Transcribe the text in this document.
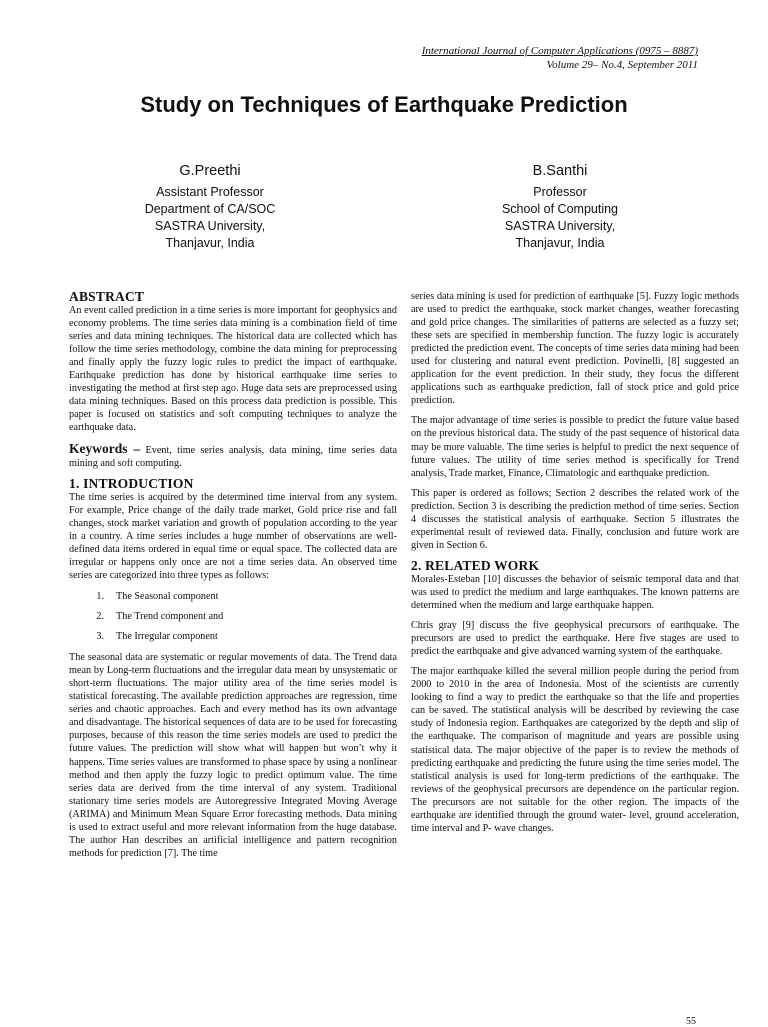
International Journal of Computer Applications (0975 – 8887)
Volume 29– No.4, September 2011
Study on Techniques of Earthquake Prediction
G.Preethi
Assistant Professor
Department of CA/SOC
SASTRA University,
Thanjavur, India
B.Santhi
Professor
School of Computing
SASTRA University,
Thanjavur, India
ABSTRACT

An event called prediction in a time series is more important for geophysics and economy problems. The time series data mining is a combination field of time series and data mining techniques. The historical data are collected which has follow the time series methodology, combine the data mining for preprocessing and finally apply the fuzzy logic rules to predict the impact of earthquake. Earthquake prediction has done by historical earthquake time series to investigating the method at first step ago. Huge data sets are preprocessed using data mining techniques. Based on this process data prediction is possible. This paper is focused on statistics and soft computing techniques to analyze the earthquake data.

Keywords – Event, time series analysis, data mining, time series data mining and soft computing.

1. INTRODUCTION

The time series is acquired by the determined time interval from any system. For example, Price change of the daily trade market, Gold price rise and fall changes, stock market variation and growth of population according to the year in a country. A time series includes a huge number of observations are well-defined data items ordered in equal time or equal space. The collected data are irregular or happens only once are not a time series data. An observed time series are categorized into three types as follows:

1.	The Seasonal component
2.	The Trend component and
3.	The Irregular component

The seasonal data are systematic or regular movements of data. The Trend data mean by Long-term fluctuations and the irregular data mean by unsystematic or short-term fluctuations. The major utility area of the time series model is statistical forecasting. The available prediction approaches are regression, time series and chaotic approaches. Each and every method has its own advantage and disadvantage. The historical sequences of data are to be used for forecasting purposes, because of this reason the time series models are used to predict the future values. The prediction will show what will happen but won’t why it happens. Time series values are transformed to phase space by using a nonlinear method and then apply the fuzzy logic to predict optimum value. The time series data are derived from the time interval of any system. Traditional stationary time series models are Autoregressive Integrated Moving Average (ARIMA) and Minimum Mean Square Error forecasting methods. Data mining is used to extract useful and more relevant information from the huge database. The author Han describes an artificial intelligence and pattern recognition methods for prediction [7]. The time

series data mining is used for prediction of earthquake [5]. Fuzzy logic methods are used to predict the earthquake, stock market changes, weather forecasting and gold price changes. The similarities of patterns are selected as a fuzzy set; these sets are specified in membership function. The fuzzy logic is accurately predicted the prediction event. The concepts of time series data mining had been used for clustering and natural event prediction. Povinelli, [8] suggested an application for the event prediction. In their study, they focus the different applications such as earthquake prediction, fall of stock price and gold price prediction.

The major advantage of time series is possible to predict the future value based on the previous historical data. The study of the past sequence of historical data may be more valuable. The time series is helpful to predict the next sequence of future values. The utility of time series method is specifically for Trend analysis, Trade market, Finance, Climatologic and earthquake prediction.

This paper is ordered as follows; Section 2 describes the related work of the prediction. Section 3 is describing the prediction method of time series. Section 4 discusses the statistical analysis of earthquake. Section 5 illustrates the experimental result of reviewed data. Finally, conclusion and future work are given in Section 6.

2. RELATED WORK

Morales-Esteban [10] discusses the behavior of seismic temporal data and that was used to predict the medium and large earthquakes. The known patterns are determined when the medium and large earthquake happen.

Chris gray [9] discuss the five geophysical precursors of earthquake. The precursors are used to predict the earthquake. Here five stages are used to predict the earthquake and give advanced warning system of the earthquake.

The major earthquake killed the several million people during the period from 2000 to 2010 in the area of Indonesia. Most of the scientists are currently looking to find a way to predict the earthquake so that the life and properties can be saved. The statistical analysis will be described by reviewing the case study of Indonesia region. Earthquakes are categorized by the depth and slip of the earthquake. The comparison of magnitude and years are possible using statistical data. The major objective of the paper is to review the methods of predicting earthquake and predicting the future using the time series model. The statistical analysis is used for long-term predictions of the earthquake. The reviews of the geophysical precursors are dependence on the particular region. The precursors are not suitable for the other region. The impacts of the earthquake are identified through the ground water- level, ground acceleration, time interval and P- wave changes.

55
